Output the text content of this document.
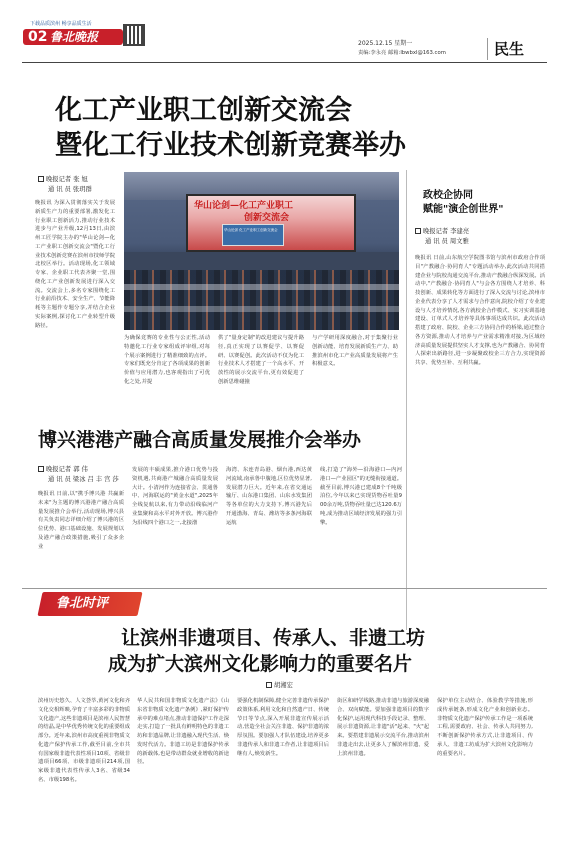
下载品质滨州 畅享品质生活
02 鲁北晚报	2025.12.15 星期一
责编:李永亮 邮箱:lbwbxl@163.com	民生
化工产业职工创新交流会
暨化工行业技术创新竞赛举办
晚报记者 张 旭
通 讯 员 张玥群
晚报讯 为深入贯彻落实关于发展新质生产力的重要部署,激发化工行业职工创新活力,推动行业技术进步与产业升级,12月13日,由滨州工匠学院主办的"华山论剑—化工产业职工创新交流会"暨化工行业技术创新竞赛在滨州市技师学院北校区举行。活动现场,化工领域专家、企业职工代表齐聚一堂,围绕化工产业创新发展进行深入交流。交流会上,多名专家围绕化工行业前沿技术、安全生产、节能降耗等主题作专题分享,并结合企业实际案例,探讨化工产业转型升级路径。
华山论剑—化工产业职工
创新交流会
华山论剑 化工产业职工创新交流会
为确保竞赛的专业性与公正性,活动特邀化工行业专家组成评审组,对每个展示案例进行了精准细致的点评。专家们既充分肯定了各项成果的创新价值与应用潜力,也客观指出了可优化之处,并提
供了"量身定制"的改进建议与提升路径,真正实现了以赛促学、以赛促研、以赛促创。此次活动不仅为化工行业技术人才搭建了一个高水平、开放性的展示交流平台,更有效促进了创新思维碰撞
与产学研用深度融合,对于集聚行业创新动能、培育发展新质生产力、助推滨州市化工产业高质量发展将产生积极意义。
政校企协同
赋能"演企创世界"
晚报记者 李建亮
通 讯 员 周文雅
晚报讯 日前,山东航空学院图书馆与滨州市政府合作项目"产教融合·协同育人"专题活动举办,此次活动共同搭建企业与院校沟通交流平台,推动产教融合纵深发展。活动中,"产教融合·协同育人"与会各方围绕人才培养、科技创新、成果转化等方面进行了深入交流与讨论,滨州市企业代表分享了人才需求与合作意向,院校介绍了专业建设与人才培养情况,各方就校企合作模式、实习实训基地建设、订单式人才培养等具体事项达成共识。此次活动搭建了政府、院校、企业三方协同合作的桥梁,通过整合各方资源,推动人才培养与产业需求精准对接,为区域经济高质量发展提供坚实人才支撑,也为产教融合、协同育人探索出新路径,进一步凝聚政校企三方合力,实现资源共享、优势互补、互利共赢。
博兴港港产融合高质量发展推介会举办
晚报记者 郭 伟
通 讯 员 梁冰 吕 丰 宫 莎
晚报讯 日前,以"携手博兴港 共赢新未来"为主题的博兴港港产融合高质量发展推介会举行,活动现场,博兴县有关负责同志详细介绍了博兴港的区位优势、港口基础设施、发展规划以及港产融合政策措施,吸引了众多企业
发展的丰硕成果,推介港口优势与投资机遇,共商港产城融合高质量发展大计。小清河作为连接省会、贯通鲁中、河海联运的"黄金水道",2025年全线复航以来,有力带动沿线临河产业集聚和高水平对外开放。博兴港作为沿线四个港口之一,北接渤
海湾、东连青岛港、烟台港,西达黄河流域,南承鲁中腹地,区位优势显著,发展潜力巨大。近年来,在省交通运输厅、山东港口集团、山东水发集团等各单位的大力支持下,博兴港先后开通渤海、青岛、潍坊等多条河海联运航
线,打造了"海外—沿海港口—内河港口—产业园区"的无缝衔接通道。截至目前,博兴港已建成8个千吨级泊位,今年以来已实现货物吞吐量900余万吨,货物吞吐量已达120.6万吨,成为推动区域经济发展的强力引擎。
鲁北时评
让滨州非遗项目、传承人、非遗工坊
成为扩大滨州文化影响力的重要名片
胡湘宏
滨州历史悠久、人文荟萃,黄河文化和齐文化交相辉映,孕育了丰富多彩的非物质文化遗产,这些非遗项目是滨州人民智慧的结晶,是中华优秀传统文化的重要组成部分。近年来,滨州市高度重视非物质文化遗产保护传承工作,截至目前,全市共有国家级非遗代表性项目10项、省级非遗项目66项、市级非遗项目214项,国家级非遗代表性传承人3名、省级34名、市级198名。
华人民共和国非物质文化遗产法》《山东省非物质文化遗产条例》,紧盯保护传承中的难点堵点,推动非遗保护工作走深走实,打造了一批具有鲜明特色的非遗工坊和非遗品牌,让非遗融入现代生活、焕发时代活力。非遗工坊是非遗保护传承的新载体,也是带动群众就业增收的新途径。
要强化机制保障,健全完善非遗传承保护政策体系,利用文化和自然遗产日、传统节日等节点,深入开展非遗宣传展示活动,营造全社会关注非遗、保护非遗的浓厚氛围。要加强人才队伍建设,培养更多非遗传承人和非遗工作者,让非遗项目后继有人,焕发新生。
街区和研学线路,推动非遗与旅游深度融合、双向赋能。要加强非遗项目的数字化保护,运用现代科技手段记录、整理、展示非遗资源,让非遗"活"起来、"火"起来。要搭建非遗展示交流平台,推动滨州非遗走出去,让更多人了解滨州非遗、爱上滨州非遗。
保护单位主动结合、体验教学等措施,形成传承链条,形成文化产业和创新业态。非物质文化遗产保护传承工作是一项系统工程,需要政府、社会、传承人共同努力,不断创新保护传承方式,让非遗项目、传承人、非遗工坊成为扩大滨州文化影响力的重要名片。
